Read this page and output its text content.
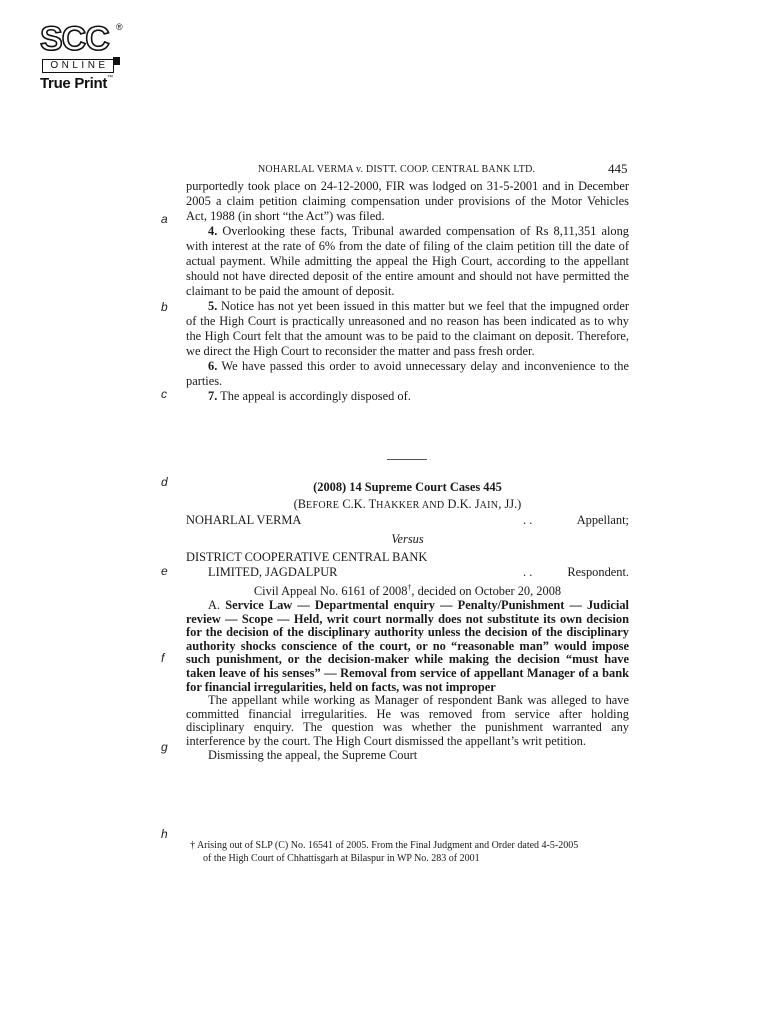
SCC ®
ONLINE
True Print™
NOHARLAL VERMA v. DISTT. COOP. CENTRAL BANK LTD.	445
a
b
c
d
e
f
g
h

purportedly took place on 24-12-2000, FIR was lodged on 31-5-2001 and in December 2005 a claim petition claiming compensation under provisions of the Motor Vehicles Act, 1988 (in short “the Act”) was filed.

4. Overlooking these facts, Tribunal awarded compensation of Rs 8,11,351 along with interest at the rate of 6% from the date of filing of the claim petition till the date of actual payment. While admitting the appeal the High Court, according to the appellant should not have directed deposit of the entire amount and should not have permitted the claimant to be paid the amount of deposit.

5. Notice has not yet been issued in this matter but we feel that the impugned order of the High Court is practically unreasoned and no reason has been indicated as to why the High Court felt that the amount was to be paid to the claimant on deposit. Therefore, we direct the High Court to reconsider the matter and pass fresh order.

6. We have passed this order to avoid unnecessary delay and inconvenience to the parties.

7. The appeal is accordingly disposed of.

(2008) 14 Supreme Court Cases 445
(BEFORE C.K. THAKKER AND D.K. JAIN, JJ.)
NOHARLAL VERMA	. .	Appellant;
Versus
DISTRICT COOPERATIVE CENTRAL BANK
LIMITED, JAGDALPUR	. .	Respondent.
Civil Appeal No. 6161 of 2008†, decided on October 20, 2008

A. Service Law — Departmental enquiry — Penalty/Punishment — Judicial review — Scope — Held, writ court normally does not substitute its own decision for the decision of the disciplinary authority unless the decision of the disciplinary authority shocks conscience of the court, or no “reasonable man” would impose such punishment, or the decision-maker while making the decision “must have taken leave of his senses” — Removal from service of appellant Manager of a bank for financial irregularities, held on facts, was not improper

The appellant while working as Manager of respondent Bank was alleged to have committed financial irregularities. He was removed from service after holding disciplinary enquiry. The question was whether the punishment warranted any interference by the court. The High Court dismissed the appellant’s writ petition.

Dismissing the appeal, the Supreme Court

† Arising out of SLP (C) No. 16541 of 2005. From the Final Judgment and Order dated 4-5-2005
of the High Court of Chhattisgarh at Bilaspur in WP No. 283 of 2001
